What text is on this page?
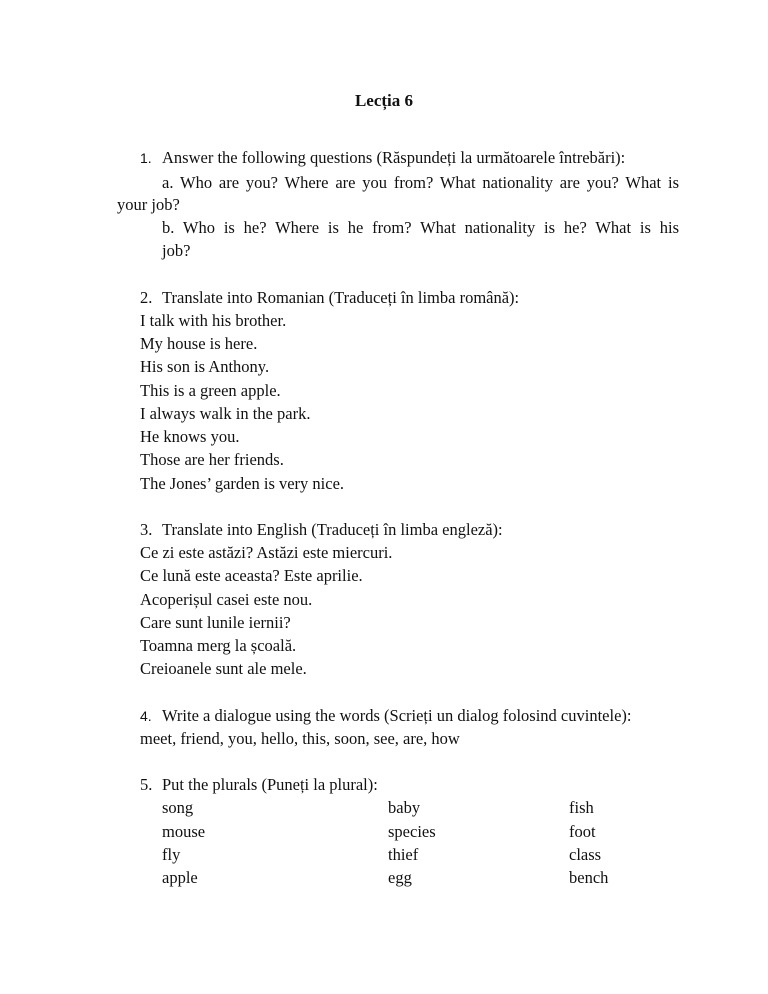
Lecția 6
1. Answer the following questions (Răspundeți la următoarele întrebări):
a. Who are you? Where are you from? What nationality are you? What is
your job?
b. Who is he? Where is he from? What nationality is he? What is his
job?
2. Translate into Romanian (Traduceți în limba română):
I talk with his brother.
My house is here.
His son is Anthony.
This is a green apple.
I always walk in the park.
He knows you.
Those are her friends.
The Jones’ garden is very nice.
3. Translate into English (Traduceți în limba engleză):
Ce zi este astăzi? Astăzi este miercuri.
Ce lună este aceasta? Este aprilie.
Acoperișul casei este nou.
Care sunt lunile iernii?
Toamna merg la școală.
Creioanele sunt ale mele.
4. Write a dialogue using the words (Scrieți un dialog folosind cuvintele):
meet, friend, you, hello, this, soon, see, are, how
5. Put the plurals (Puneți la plural):
song
mouse
fly
apple
baby
species
thief
egg
fish
foot
class
bench
